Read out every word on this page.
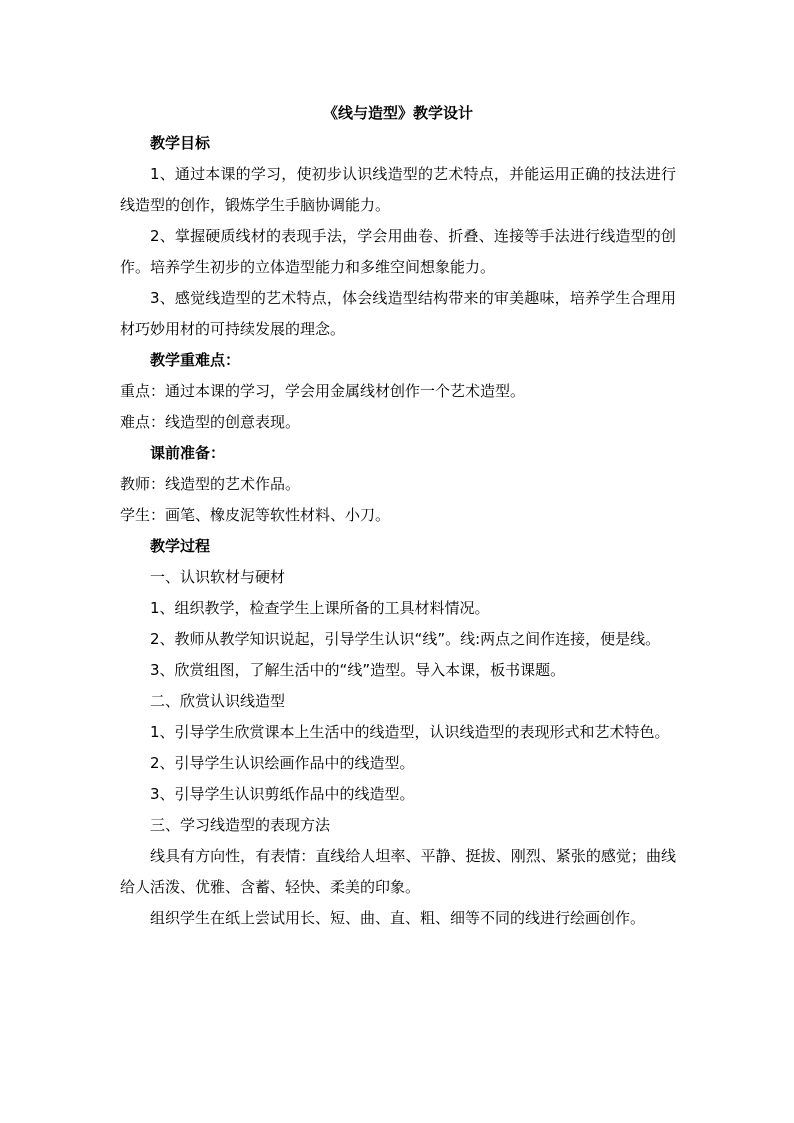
《线与造型》教学设计

教学目标

1、通过本课的学习，使初步认识线造型的艺术特点，并能运用正确的技法进行线造型的创作，锻炼学生手脑协调能力。

2、掌握硬质线材的表现手法，学会用曲卷、折叠、连接等手法进行线造型的创作。培养学生初步的立体造型能力和多维空间想象能力。

3、感觉线造型的艺术特点，体会线造型结构带来的审美趣味，培养学生合理用材巧妙用材的可持续发展的理念。

教学重难点：

重点：通过本课的学习，学会用金属线材创作一个艺术造型。

难点：线造型的创意表现。

课前准备：

教师：线造型的艺术作品。

学生：画笔、橡皮泥等软性材料、小刀。

教学过程

一、认识软材与硬材

1、组织教学，检查学生上课所备的工具材料情况。

2、教师从教学知识说起，引导学生认识“线”。线:两点之间作连接，便是线。

3、欣赏组图，了解生活中的“线”造型。导入本课，板书课题。

二、欣赏认识线造型

1、引导学生欣赏课本上生活中的线造型，认识线造型的表现形式和艺术特色。

2、引导学生认识绘画作品中的线造型。

3、引导学生认识剪纸作品中的线造型。

三、学习线造型的表现方法

线具有方向性，有表情：直线给人坦率、平静、挺拔、刚烈、紧张的感觉；曲线给人活泼、优雅、含蓄、轻快、柔美的印象。

组织学生在纸上尝试用长、短、曲、直、粗、细等不同的线进行绘画创作。
